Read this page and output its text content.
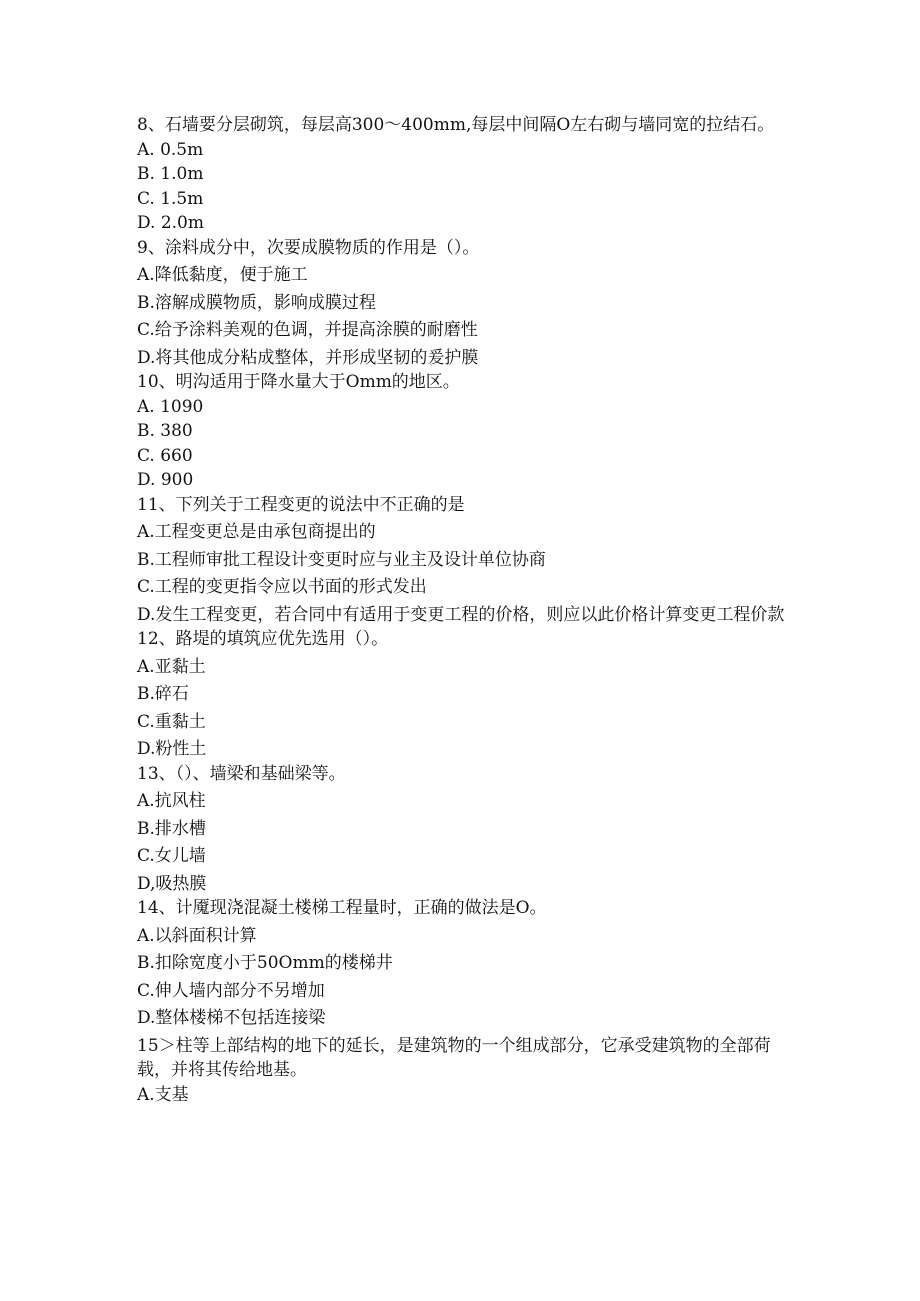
8、石墙要分层砌筑，每层高300～400mm,每层中间隔O左右砌与墙同宽的拉结石。
A. 0.5m
B. 1.0m
C. 1.5m
D. 2.0m
9、涂料成分中，次要成膜物质的作用是（）。
A.降低黏度，便于施工
B.溶解成膜物质，影响成膜过程
C.给予涂料美观的色调，并提高涂膜的耐磨性
D.将其他成分粘成整体，并形成坚韧的爰护膜
10、明沟适用于降水量大于Omm的地区。
A. 1090
B. 380
C. 660
D. 900
11、下列关于工程变更的说法中不正确的是
A.工程变更总是由承包商提出的
B.工程师审批工程设计变更时应与业主及设计单位协商
C.工程的变更指令应以书面的形式发出
D.发生工程变更，若合同中有适用于变更工程的价格，则应以此价格计算变更工程价款
12、路堤的填筑应优先选用（）。
A.亚黏土
B.碎石
C.重黏土
D.粉性土
13、（）、墙梁和基础梁等。
A.抗风柱
B.排水槽
C.女儿墙
D,吸热膜
14、计魇现浇混凝土楼梯工程量时，正确的做法是O。
A.以斜面积计算
B.扣除宽度小于50Omm的楼梯井
C.伸人墙内部分不另增加
D.整体楼梯不包括连接梁
15＞柱等上部结构的地下的延长，是建筑物的一个组成部分，它承受建筑物的全部荷载，并将其传给地基。
A.支基
